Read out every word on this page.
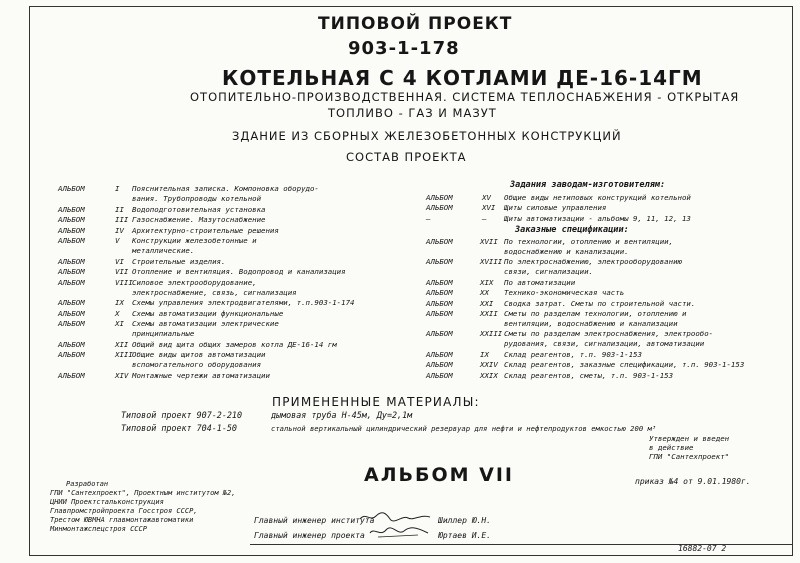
ТИПОВОЙ ПРОЕКТ
903-1-178
КОТЕЛЬНАЯ С 4 КОТЛАМИ ДЕ-16-14ГМ
ОТОПИТЕЛЬНО-ПРОИЗВОДСТВЕННАЯ. СИСТЕМА ТЕПЛОСНАБЖЕНИЯ - ОТКРЫТАЯ
ТОПЛИВО - ГАЗ И МАЗУТ
ЗДАНИЕ ИЗ СБОРНЫХ ЖЕЛЕЗОБЕТОННЫХ КОНСТРУКЦИЙ
СОСТАВ ПРОЕКТА
АЛЬБОМ	I Пояснительная записка. Компоновка оборудо-
вания. Трубопроводы котельной
АЛЬБОМ	II Водоподготовительная установка
АЛЬБОМ	III Газоснабжение. Мазутоснабжение
АЛЬБОМ	IV Архитектурно-строительные решения
АЛЬБОМ	V Конструкции железобетонные и
металлические.
АЛЬБОМ	VI Строительные изделия.
АЛЬБОМ	VII Отопление и вентиляция. Водопровод и канализация
АЛЬБОМ	VIII Силовое электрооборудование,
электроснабжение, связь, сигнализация
АЛЬБОМ	IX Схемы управления электродвигателями, т.п.903-1-174
АЛЬБОМ	X Схемы автоматизации функциональные
АЛЬБОМ	XI Схемы автоматизации электрические
принципиальные
АЛЬБОМ	XII Общий вид щита общих замеров котла ДЕ-16-14 гм
АЛЬБОМ	XIII Общие виды щитов автоматизации
вспомогательного оборудования
АЛЬБОМ	XIV Монтажные чертежи автоматизации
Задания заводам-изготовителям:
АЛЬБОМ	XV Общие виды нетиповых конструкций котельной
АЛЬБОМ	XVI Щиты силовые управления
—	— Щиты автоматизации - альбомы 9, 11, 12, 13
Заказные спецификации:
АЛЬБОМ	XVII По технологии, отоплению и вентиляции,
водоснабжению и канализации.
АЛЬБОМ	XVIII По электроснабжению, электрооборудованию
связи, сигнализации.
АЛЬБОМ	XIX По автоматизации
АЛЬБОМ	XX Технико-экономическая часть
АЛЬБОМ	XXI Сводка затрат. Сметы по строительной части.
АЛЬБОМ	XXII Сметы по разделам технологии, отоплению и
вентиляции, водоснабжению и канализации
АЛЬБОМ	XXIII Сметы по разделам электроснабжения, электрообо-
рудования, связи, сигнализации, автоматизации
АЛЬБОМ	IX Склад реагентов, т.п. 903-1-153
АЛЬБОМ	XXIV Склад реагентов, заказные спецификации, т.п. 903-1-153
АЛЬБОМ	XXIX Склад реагентов, сметы, т.п. 903-1-153
ПРИМЕНЕННЫЕ МАТЕРИАЛЫ:
Типовой проект 907-2-210	дымовая труба Н-45м, Ду=2,1м
Типовой проект 704-1-50	стальной вертикальный цилиндрический резервуар для нефти и нефтепродуктов емкостью 200 м³
АЛЬБОМ VII
Разработан
ГПИ "Сантехпроект", Проектным институтом №2,
ЦНИИ Проектстальконструкция
Главпромстройпроекта Госстроя СССР,
Трестом ЮВМНА главмонтажавтоматики
Минмонтажспецстроя СССР
Утвержден и введен
в действие
ГПИ "Сантехпроект"
приказ №4 от 9.01.1980г.
Главный инженер института	Шиллер Ю.Н.
Главный инженер проекта	Юртаев И.Е.
16882-07 2
